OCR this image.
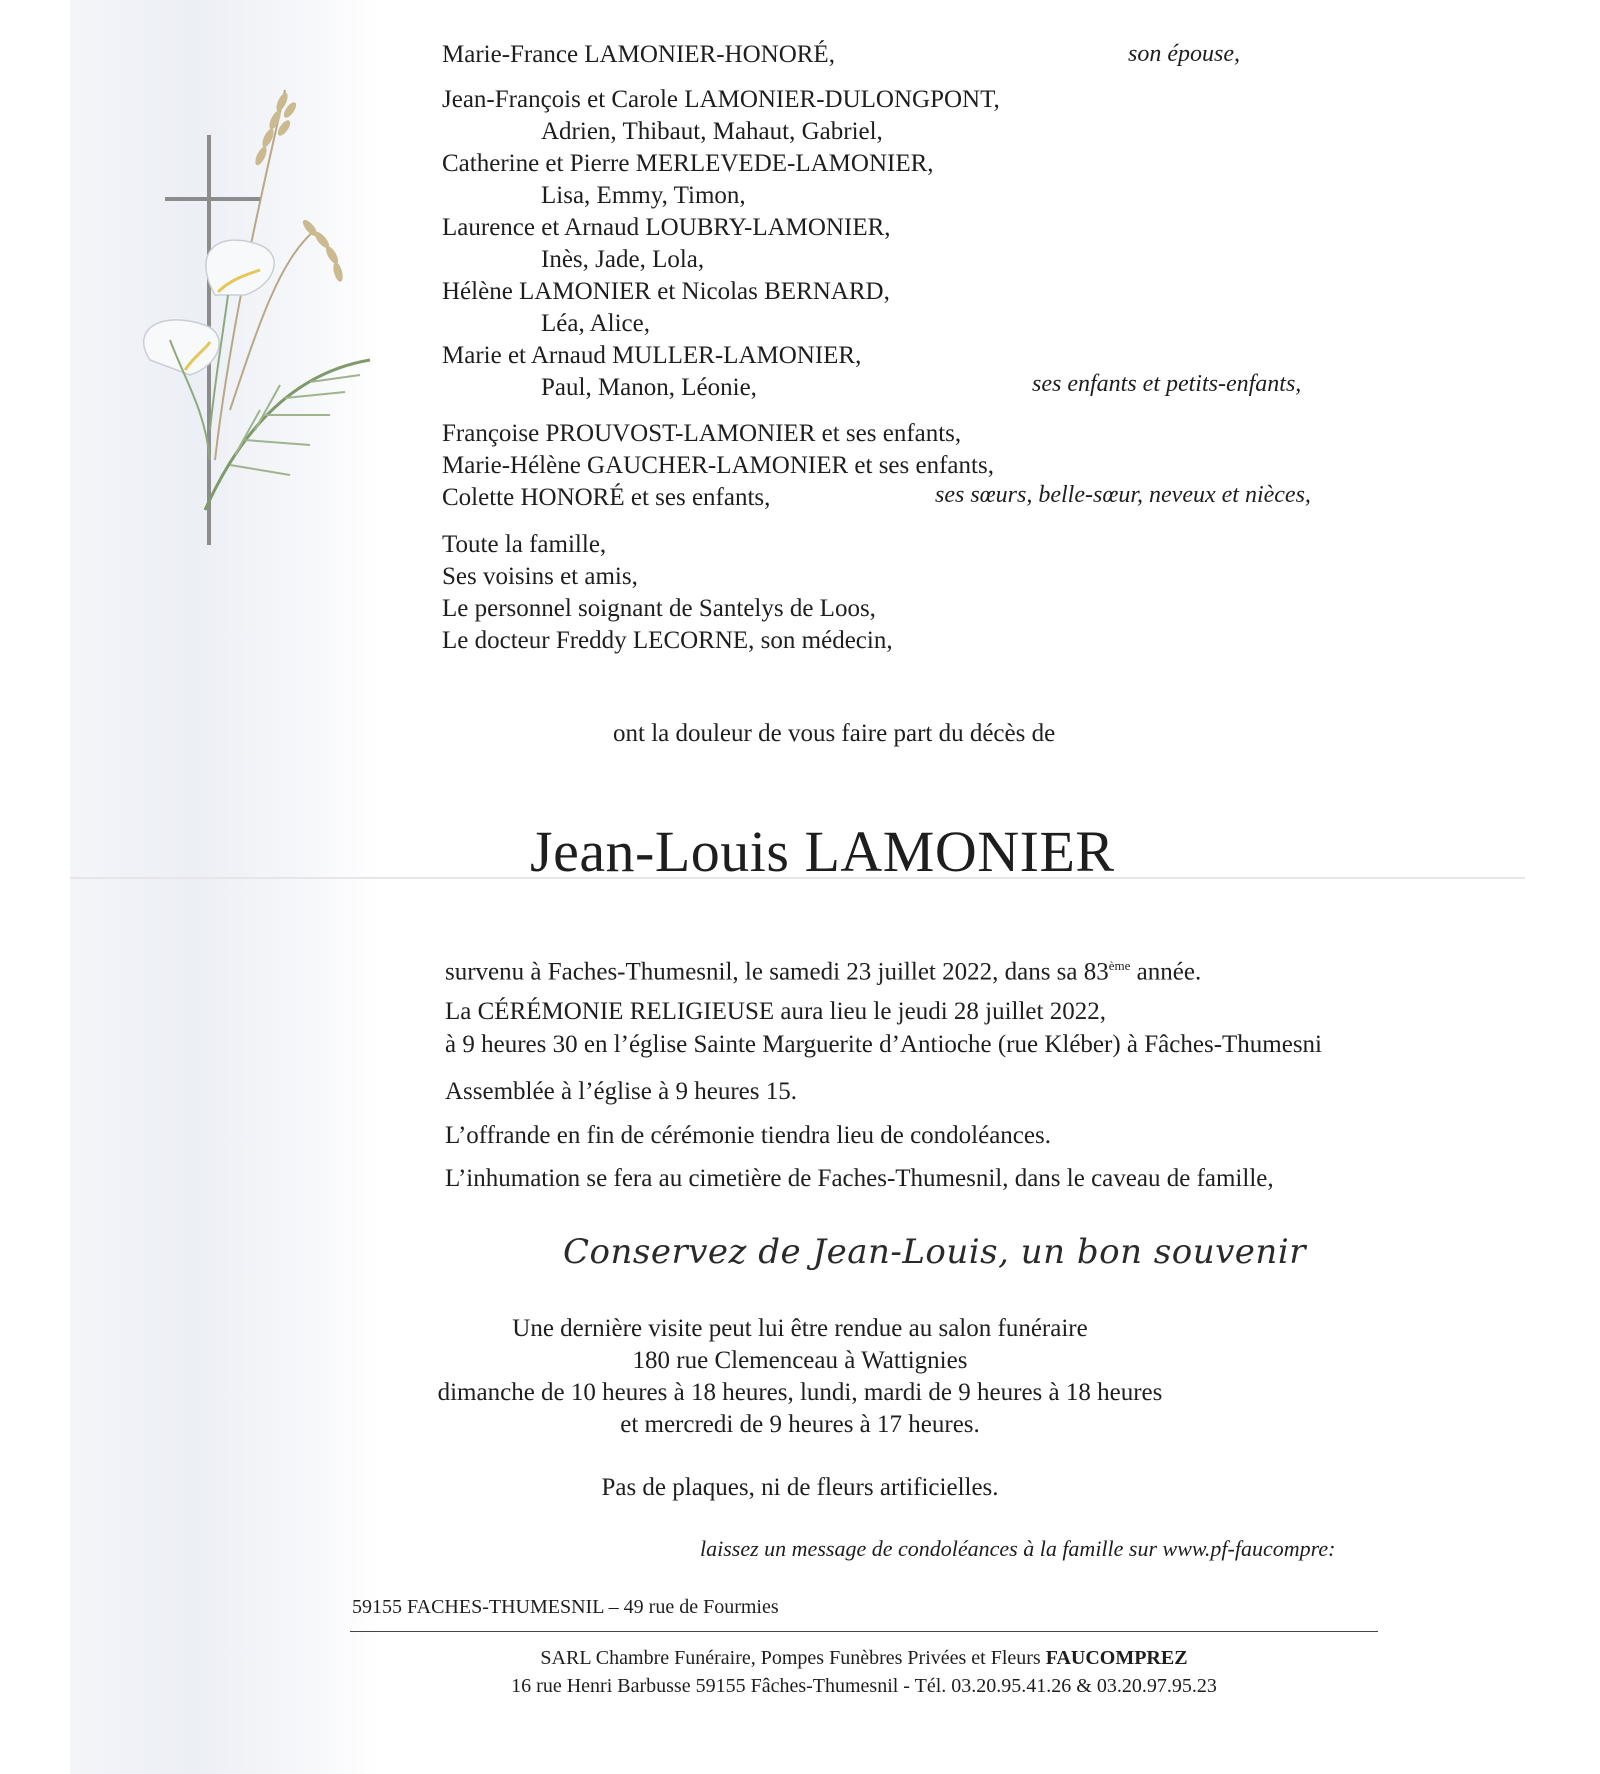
Marie-France LAMONIER-HONORÉ,	son épouse,
Jean-François et Carole LAMONIER-DULONGPONT,
Adrien, Thibaut, Mahaut, Gabriel,
Catherine et Pierre MERLEVEDE-LAMONIER,
Lisa, Emmy, Timon,
Laurence et Arnaud LOUBRY-LAMONIER,
Inès, Jade, Lola,
Hélène LAMONIER et Nicolas BERNARD,
Léa, Alice,
Marie et Arnaud MULLER-LAMONIER,
Paul, Manon, Léonie,	ses enfants et petits-enfants,
Françoise PROUVOST-LAMONIER et ses enfants,
Marie-Hélène GAUCHER-LAMONIER et ses enfants,
Colette HONORÉ et ses enfants,	ses sœurs, belle-sœur, neveux et nièces,
Toute la famille,
Ses voisins et amis,
Le personnel soignant de Santelys de Loos,
Le docteur Freddy LECORNE, son médecin,
ont la douleur de vous faire part du décès de
Jean-Louis LAMONIER
survenu à Faches-Thumesnil, le samedi 23 juillet 2022, dans sa 83ème année.
La CÉRÉMONIE RELIGIEUSE aura lieu le jeudi 28 juillet 2022,
à 9 heures 30 en l’église Sainte Marguerite d’Antioche (rue Kléber) à Fâches-Thumesni
Assemblée à l’église à 9 heures 15.
L’offrande en fin de cérémonie tiendra lieu de condoléances.
L’inhumation se fera au cimetière de Faches-Thumesnil, dans le caveau de famille,
Conservez de Jean-Louis, un bon souvenir
Une dernière visite peut lui être rendue au salon funéraire
180 rue Clemenceau à Wattignies
dimanche de 10 heures à 18 heures, lundi, mardi de 9 heures à 18 heures
et mercredi de 9 heures à 17 heures.
Pas de plaques, ni de fleurs artificielles.
laissez un message de condoléances à la famille sur www.pf-faucompre:
59155 FACHES-THUMESNIL – 49 rue de Fourmies
SARL Chambre Funéraire, Pompes Funèbres Privées et Fleurs FAUCOMPREZ
16 rue Henri Barbusse 59155 Fâches-Thumesnil - Tél. 03.20.95.41.26 & 03.20.97.95.23
